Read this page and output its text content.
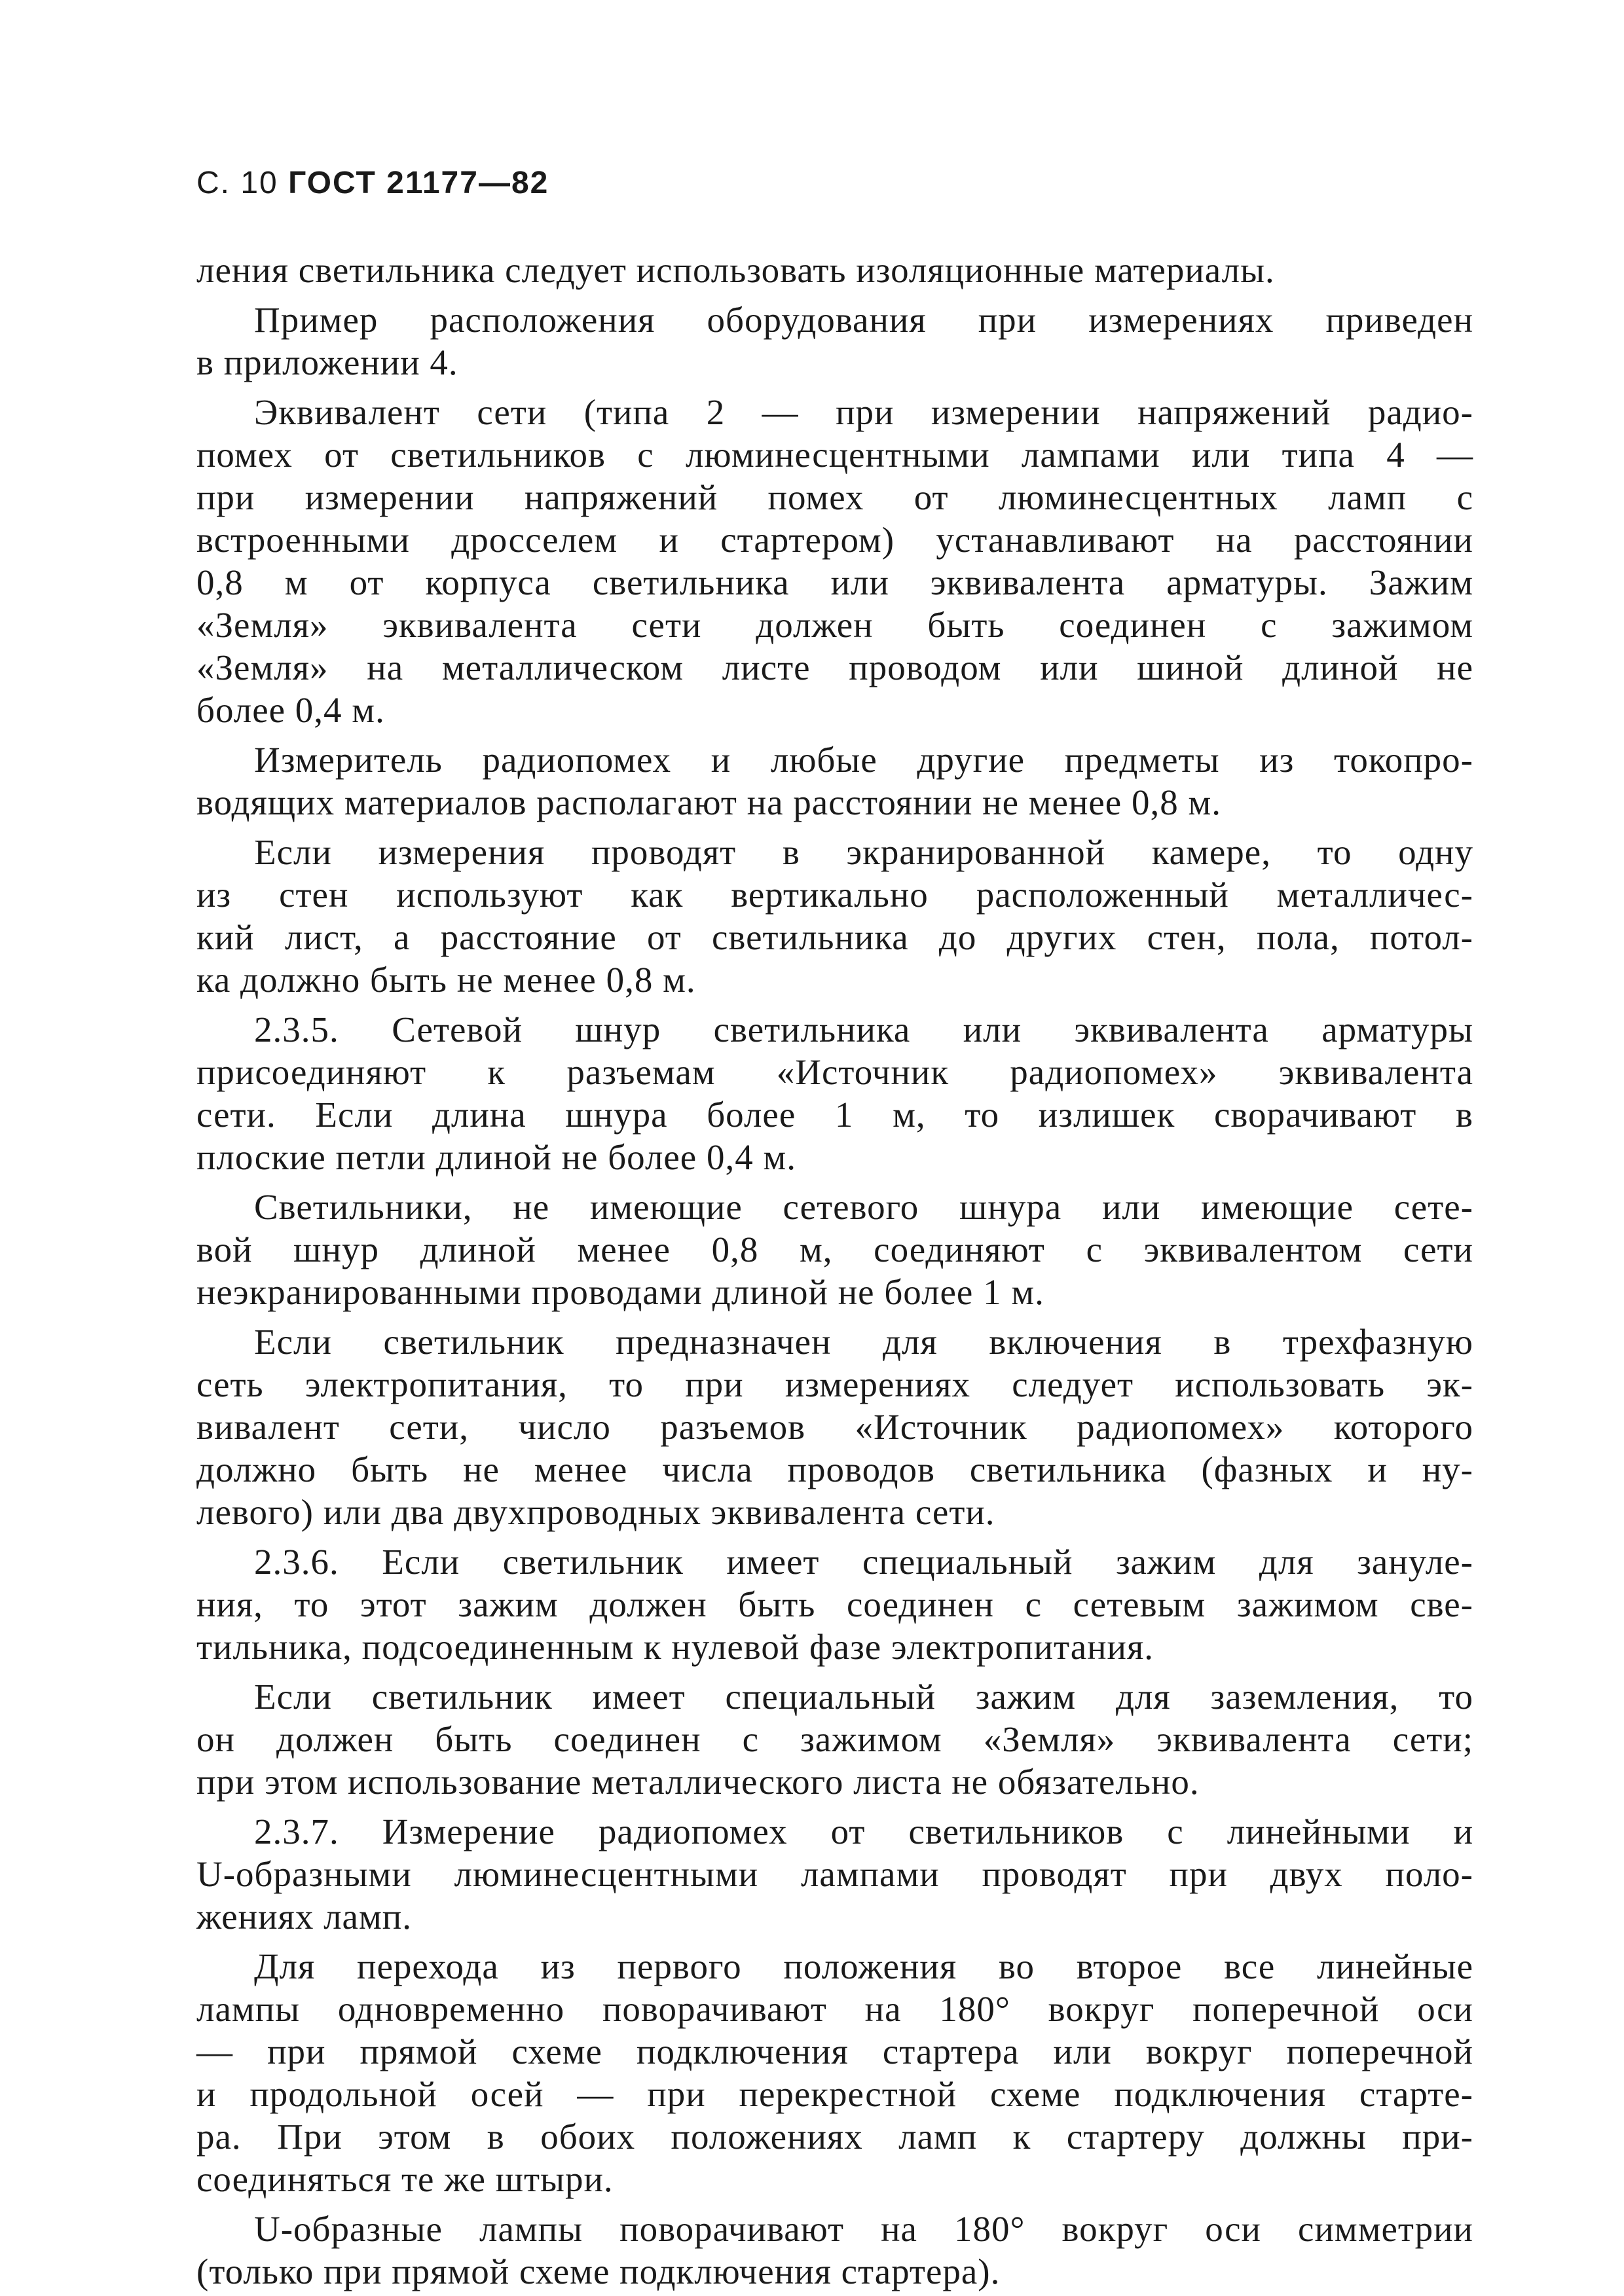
С. 10 ГОСТ 21177—82
ления светильника следует использовать изоляционные материалы.
Пример расположения оборудования при измерениях приведен
в приложении 4.
Эквивалент сети (типа 2 — при измерении напряжений радио-
помех от светильников с люминесцентными лампами или типа 4 —
при измерении напряжений помех от люминесцентных ламп с
встроенными дросселем и стартером) устанавливают на расстоянии
0,8 м от корпуса светильника или эквивалента арматуры. Зажим
«Земля» эквивалента сети должен быть соединен с зажимом
«Земля» на металлическом листе проводом или шиной длиной не
более 0,4 м.
Измеритель радиопомех и любые другие предметы из токопро-
водящих материалов располагают на расстоянии не менее 0,8 м.
Если измерения проводят в экранированной камере, то одну
из стен используют как вертикально расположенный металличес-
кий лист, а расстояние от светильника до других стен, пола, потол-
ка должно быть не менее 0,8 м.
2.3.5. Сетевой шнур светильника или эквивалента арматуры
присоединяют к разъемам «Источник радиопомех» эквивалента
сети. Если длина шнура более 1 м, то излишек сворачивают в
плоские петли длиной не более 0,4 м.
Светильники, не имеющие сетевого шнура или имеющие сете-
вой шнур длиной менее 0,8 м, соединяют с эквивалентом сети
неэкранированными проводами длиной не более 1 м.
Если светильник предназначен для включения в трехфазную
сеть электропитания, то при измерениях следует использовать эк-
вивалент сети, число разъемов «Источник радиопомех» которого
должно быть не менее числа проводов светильника (фазных и ну-
левого) или два двухпроводных эквивалента сети.
2.3.6. Если светильник имеет специальный зажим для зануле-
ния, то этот зажим должен быть соединен с сетевым зажимом све-
тильника, подсоединенным к нулевой фазе электропитания.
Если светильник имеет специальный зажим для заземления, то
он должен быть соединен с зажимом «Земля» эквивалента сети;
при этом использование металлического листа не обязательно.
2.3.7. Измерение радиопомех от светильников с линейными и
U-образными люминесцентными лампами проводят при двух поло-
жениях ламп.
Для перехода из первого положения во второе все линейные
лампы одновременно поворачивают на 180° вокруг поперечной оси
— при прямой схеме подключения стартера или вокруг поперечной
и продольной осей — при перекрестной схеме подключения старте-
ра. При этом в обоих положениях ламп к стартеру должны при-
соединяться те же штыри.
U-образные лампы поворачивают на 180° вокруг оси симметрии
(только при прямой схеме подключения стартера).
